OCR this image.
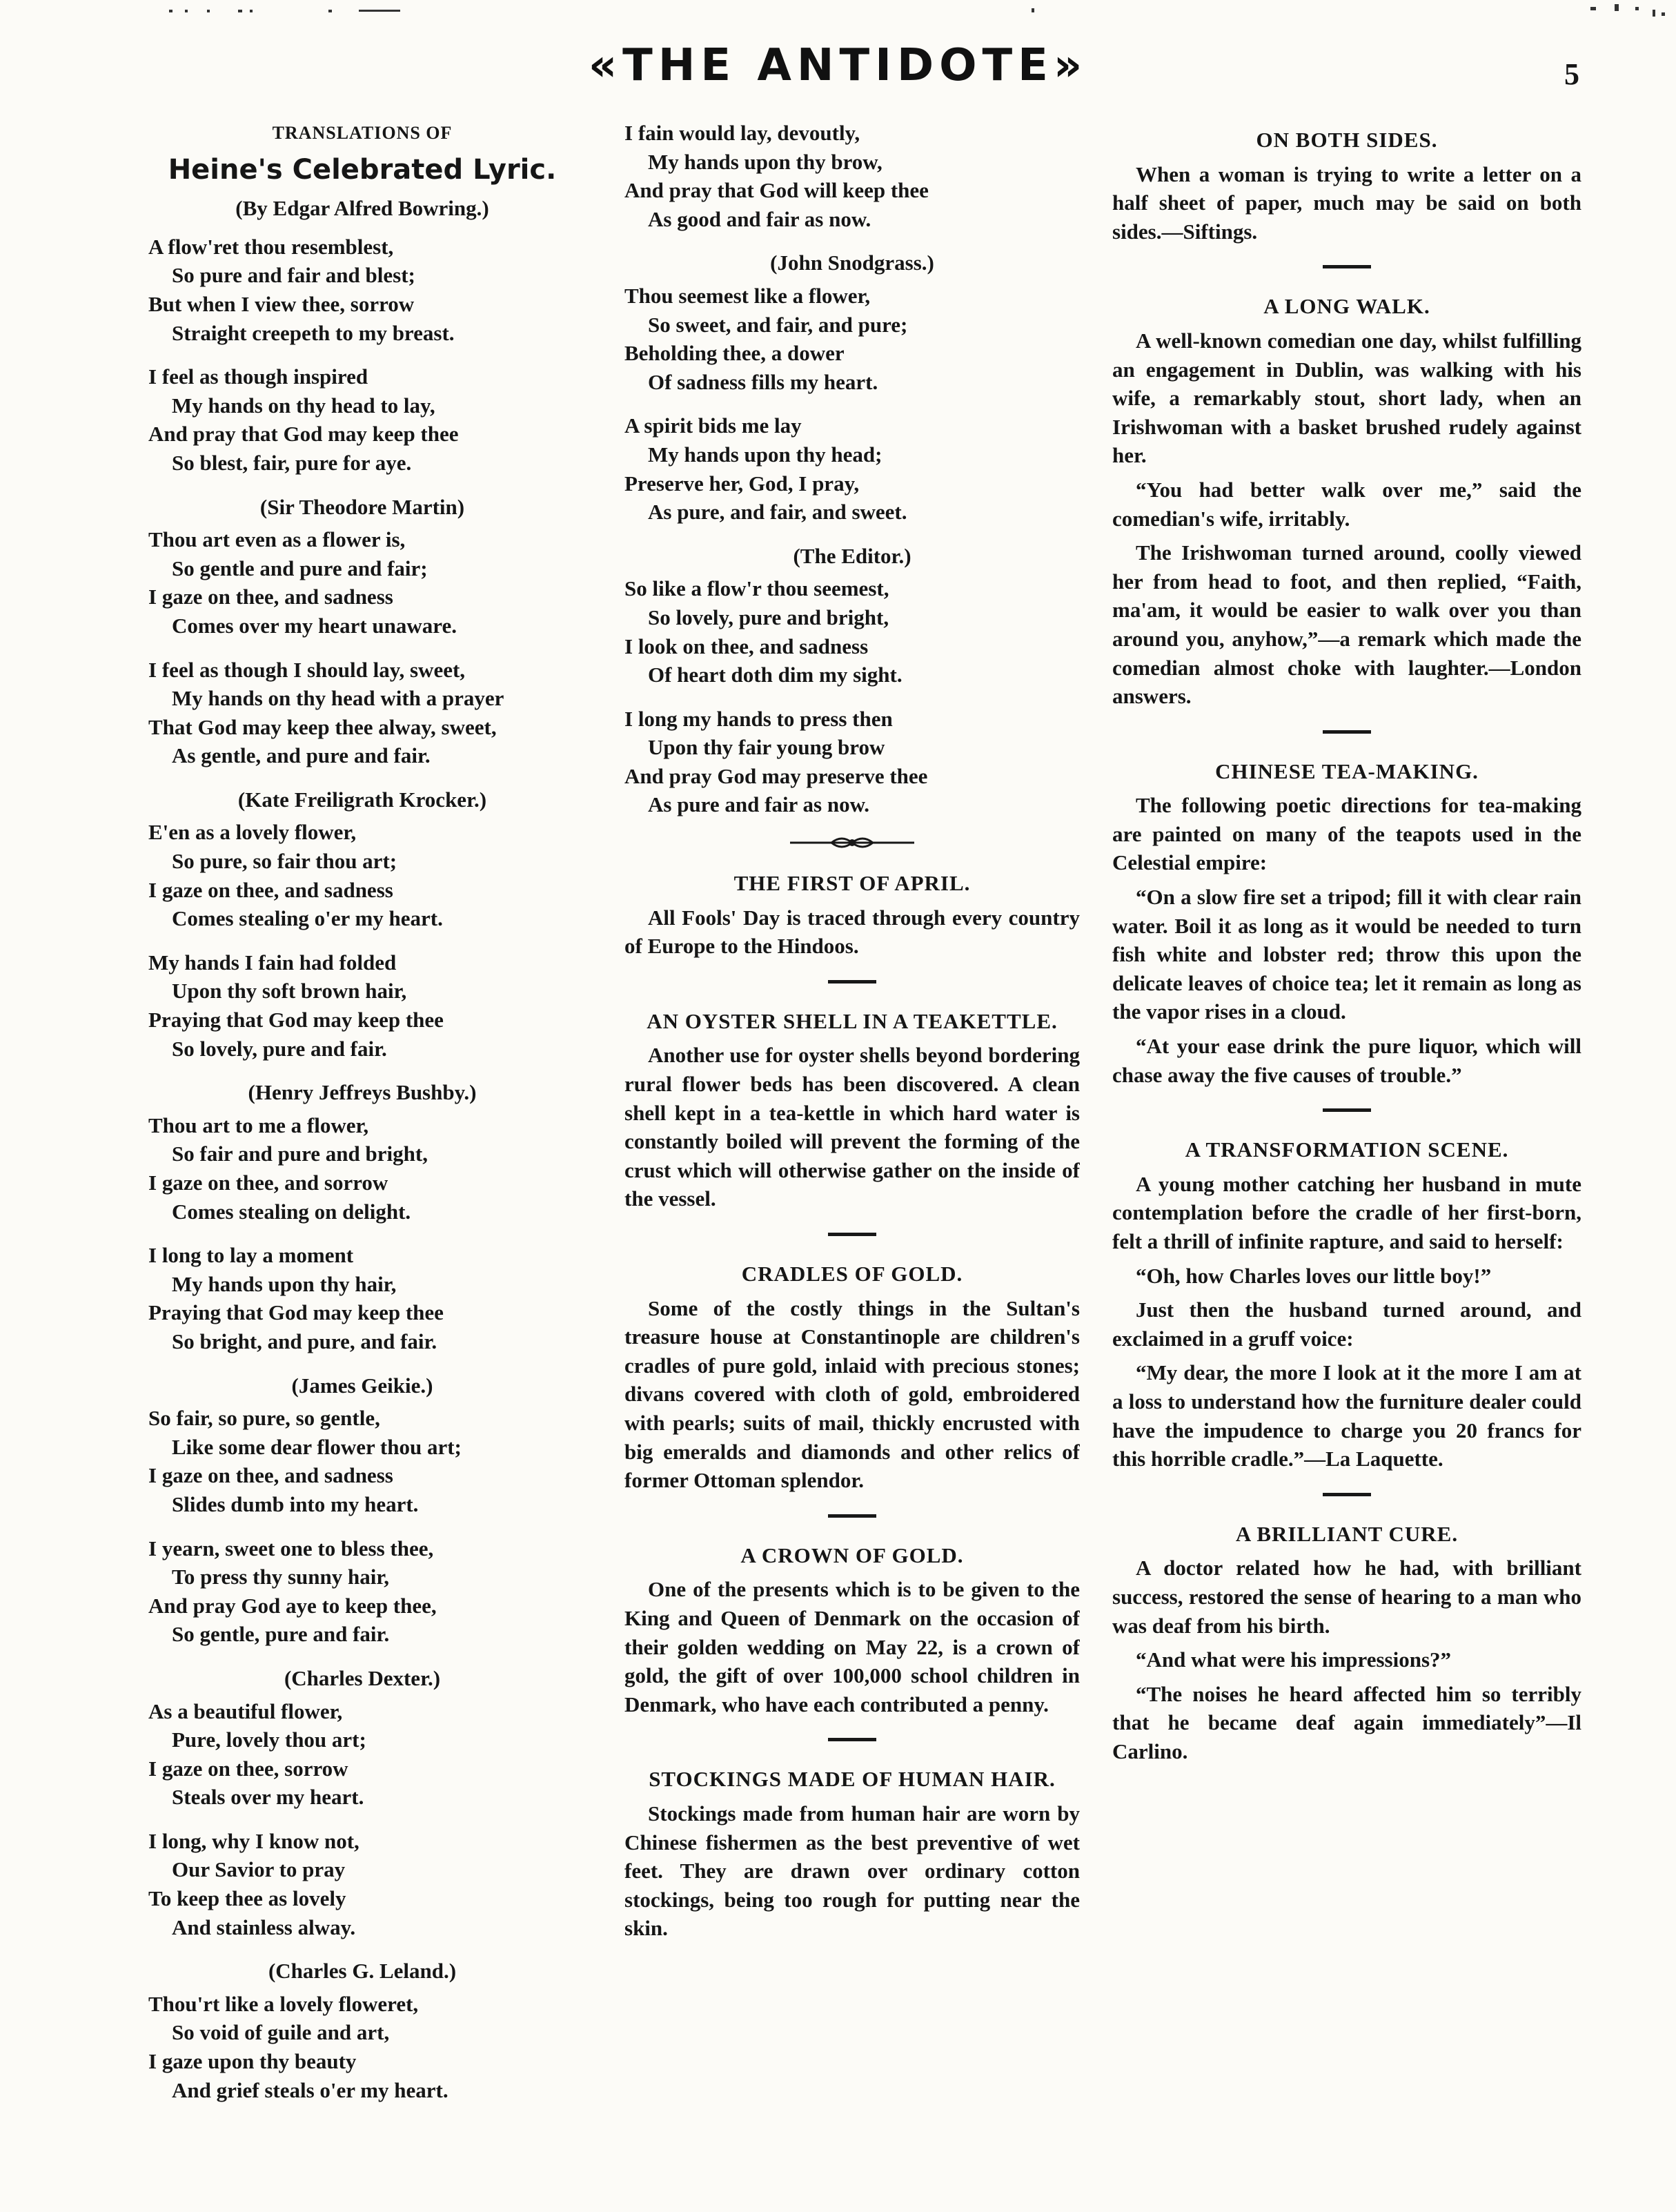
«THE ANTIDOTE»	5
TRANSLATIONS OF
Heine's Celebrated Lyric.
(By Edgar Alfred Bowring.)
A flow'ret thou resemblest,
So pure and fair and blest;
But when I view thee, sorrow
Straight creepeth to my breast.
I feel as though inspired
My hands on thy head to lay,
And pray that God may keep thee
So blest, fair, pure for aye.
(Sir Theodore Martin)
Thou art even as a flower is,
So gentle and pure and fair;
I gaze on thee, and sadness
Comes over my heart unaware.
I feel as though I should lay, sweet,
My hands on thy head with a prayer
That God may keep thee alway, sweet,
As gentle, and pure and fair.
(Kate Freiligrath Krocker.)
E'en as a lovely flower,
So pure, so fair thou art;
I gaze on thee, and sadness
Comes stealing o'er my heart.
My hands I fain had folded
Upon thy soft brown hair,
Praying that God may keep thee
So lovely, pure and fair.
(Henry Jeffreys Bushby.)
Thou art to me a flower,
So fair and pure and bright,
I gaze on thee, and sorrow
Comes stealing on delight.
I long to lay a moment
My hands upon thy hair,
Praying that God may keep thee
So bright, and pure, and fair.
(James Geikie.)
So fair, so pure, so gentle,
Like some dear flower thou art;
I gaze on thee, and sadness
Slides dumb into my heart.
I yearn, sweet one to bless thee,
To press thy sunny hair,
And pray God aye to keep thee,
So gentle, pure and fair.
(Charles Dexter.)
As a beautiful flower,
Pure, lovely thou art;
I gaze on thee, sorrow
Steals over my heart.
I long, why I know not,
Our Savior to pray
To keep thee as lovely
And stainless alway.
(Charles G. Leland.)
Thou'rt like a lovely floweret,
So void of guile and art,
I gaze upon thy beauty
And grief steals o'er my heart.
I fain would lay, devoutly,
My hands upon thy brow,
And pray that God will keep thee
As good and fair as now.
(John Snodgrass.)
Thou seemest like a flower,
So sweet, and fair, and pure;
Beholding thee, a dower
Of sadness fills my heart.
A spirit bids me lay
My hands upon thy head;
Preserve her, God, I pray,
As pure, and fair, and sweet.
(The Editor.)
So like a flow'r thou seemest,
So lovely, pure and bright,
I look on thee, and sadness
Of heart doth dim my sight.
I long my hands to press then
Upon thy fair young brow
And pray God may preserve thee
As pure and fair as now.
THE FIRST OF APRIL.

All Fools' Day is traced through every country of Europe to the Hindoos.

AN OYSTER SHELL IN A TEAKETTLE.

Another use for oyster shells beyond bordering rural flower beds has been discovered. A clean shell kept in a tea-kettle in which hard water is constantly boiled will prevent the forming of the crust which will otherwise gather on the inside of the vessel.

CRADLES OF GOLD.

Some of the costly things in the Sultan's treasure house at Constantinople are children's cradles of pure gold, inlaid with precious stones; divans covered with cloth of gold, embroidered with pearls; suits of mail, thickly encrusted with big emeralds and diamonds and other relics of former Ottoman splendor.

A CROWN OF GOLD.

One of the presents which is to be given to the King and Queen of Denmark on the occasion of their golden wedding on May 22, is a crown of gold, the gift of over 100,000 school children in Denmark, who have each contributed a penny.

STOCKINGS MADE OF HUMAN HAIR.

Stockings made from human hair are worn by Chinese fishermen as the best preventive of wet feet. They are drawn over ordinary cotton stockings, being too rough for putting near the skin.

ON BOTH SIDES.

When a woman is trying to write a letter on a half sheet of paper, much may be said on both sides.—Siftings.

A LONG WALK.

A well-known comedian one day, whilst fulfilling an engagement in Dublin, was walking with his wife, a remarkably stout, short lady, when an Irishwoman with a basket brushed rudely against her.

“You had better walk over me,” said the comedian's wife, irritably.

The Irishwoman turned around, coolly viewed her from head to foot, and then replied, “Faith, ma'am, it would be easier to walk over you than around you, anyhow,”—a remark which made the comedian almost choke with laughter.—London answers.

CHINESE TEA-MAKING.

The following poetic directions for tea-making are painted on many of the teapots used in the Celestial empire:

“On a slow fire set a tripod; fill it with clear rain water. Boil it as long as it would be needed to turn fish white and lobster red; throw this upon the delicate leaves of choice tea; let it remain as long as the vapor rises in a cloud.

“At your ease drink the pure liquor, which will chase away the five causes of trouble.”

A TRANSFORMATION SCENE.

A young mother catching her husband in mute contemplation before the cradle of her first-born, felt a thrill of infinite rapture, and said to herself:

“Oh, how Charles loves our little boy!”

Just then the husband turned around, and exclaimed in a gruff voice:

“My dear, the more I look at it the more I am at a loss to understand how the furniture dealer could have the impudence to charge you 20 francs for this horrible cradle.”—La Laquette.

A BRILLIANT CURE.

A doctor related how he had, with brilliant success, restored the sense of hearing to a man who was deaf from his birth.

“And what were his impressions?”

“The noises he heard affected him so terribly that he became deaf again immediately”—Il Carlino.
